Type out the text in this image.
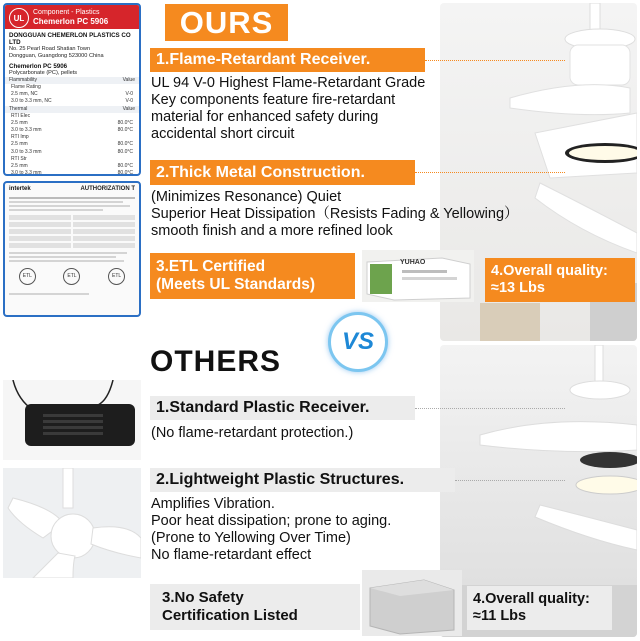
Component - Plastics
Chemerlon PC 5906
UL
DONGGUAN CHEMERLON PLASTICS CO LTD
No. 25 Pearl Road Shatian Town
Dongguan, Guangdong 523000 China
Chemerlon PC 5906
Polycarbonate (PC), pellets
Flammability	Value
Flame Rating
2.5 mm, NC	V-0
3.0 to 3.3 mm, NC	V-0
Thermal	Value
RTI Elec
2.5 mm	80.0°C
3.0 to 3.3 mm	80.0°C
RTI Imp
2.5 mm	80.0°C
3.0 to 3.3 mm	80.0°C
RTI Str
2.5 mm	80.0°C
3.0 to 3.3 mm	80.0°C
intertek	AUTHORIZATION T
ETL	ETL	ETL
OURS
1.Flame-Retardant Receiver.
UL 94 V-0 Highest Flame-Retardant Grade
Key components feature fire-retardant
material for enhanced safety during
accidental short circuit
2.Thick Metal Construction.
(Minimizes Resonance) Quiet
Superior Heat Dissipation（Resists Fading & Yellowing）
smooth finish and a more refined look
3.ETL Certified
(Meets UL Standards)
YUHAO
4.Overall quality:
≈13 Lbs
VS
OTHERS
1.Standard Plastic Receiver.
(No flame-retardant protection.)
2.Lightweight Plastic Structures.
Amplifies Vibration.
Poor heat dissipation; prone to aging.
(Prone to Yellowing Over Time)
No flame-retardant effect
3.No Safety
Certification Listed
4.Overall quality:
≈11 Lbs
